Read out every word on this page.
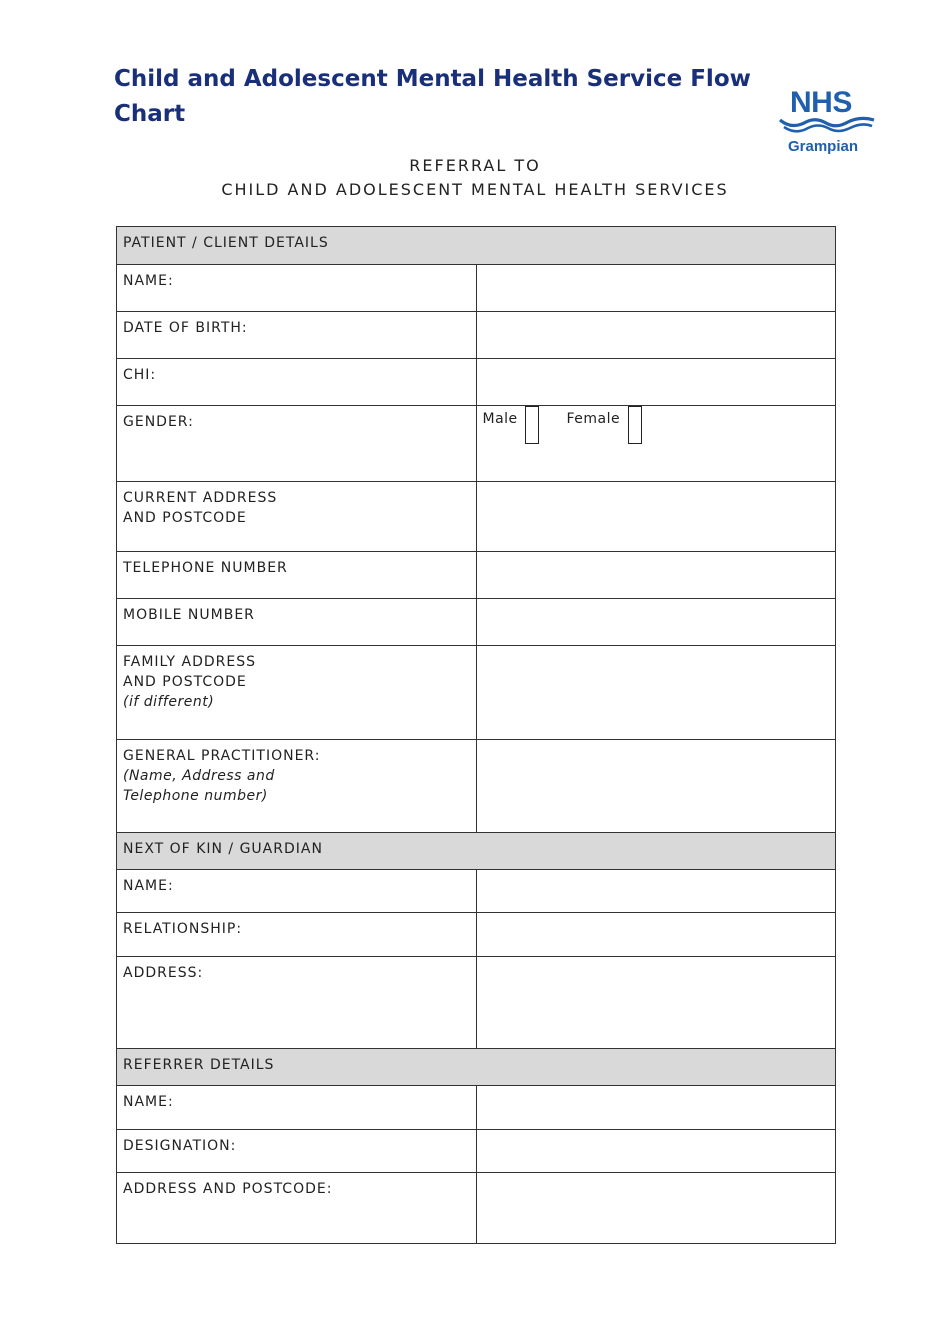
Child and Adolescent Mental Health Service Flow Chart	NHS
Grampian
REFERRAL TO
CHILD AND ADOLESCENT MENTAL HEALTH SERVICES
PATIENT / CLIENT DETAILS	
NAME:	
DATE OF BIRTH:	
CHI:	
GENDER:	Male Female

CURRENT ADDRESS
AND POSTCODE	

TELEPHONE NUMBER	
MOBILE NUMBER	

FAMILY ADDRESS
AND POSTCODE
(if different)	

GENERAL PRACTITIONER:
(Name, Address and
Telephone number)	

NEXT OF KIN / GUARDIAN	
NAME:	
RELATIONSHIP:	
ADDRESS:	
REFERRER DETAILS	
NAME:	
DESIGNATION:	
ADDRESS AND POSTCODE:	
